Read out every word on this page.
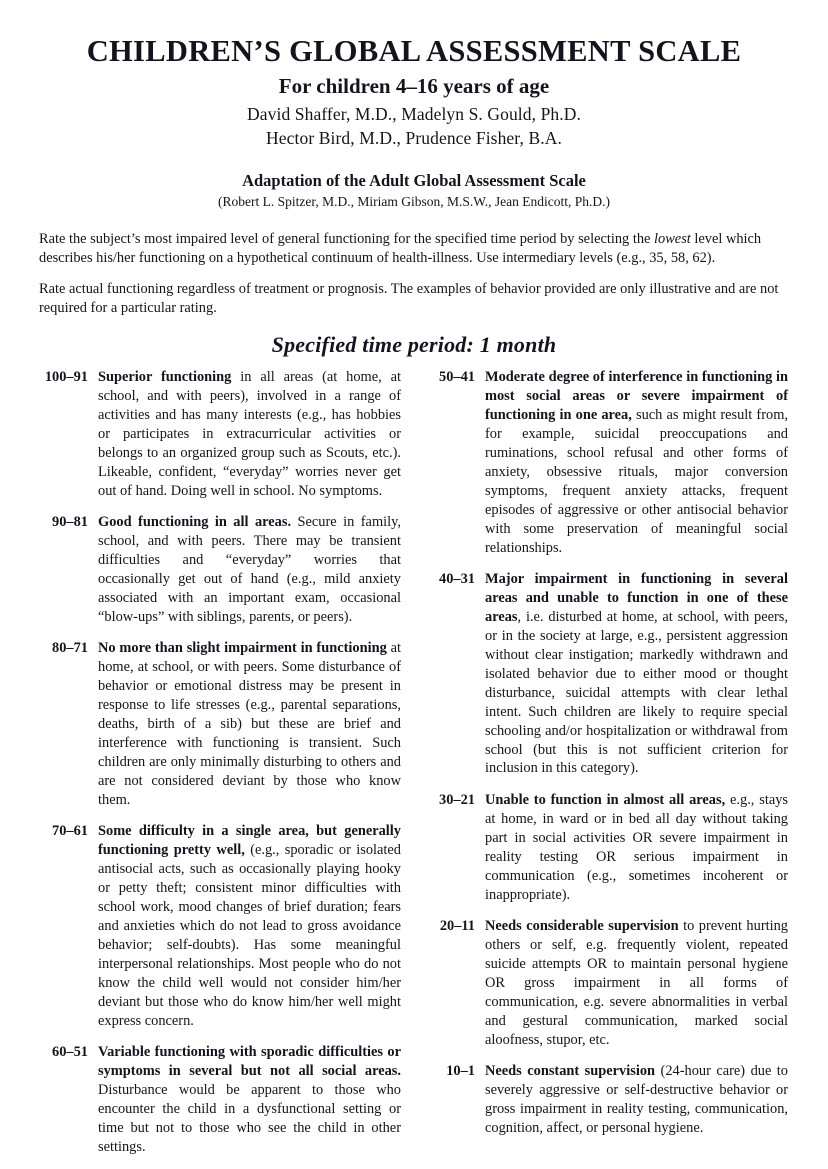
CHILDREN’S GLOBAL ASSESSMENT SCALE
For children 4–16 years of age
David Shaffer, M.D., Madelyn S. Gould, Ph.D.
Hector Bird, M.D., Prudence Fisher, B.A.
Adaptation of the Adult Global Assessment Scale
(Robert L. Spitzer, M.D., Miriam Gibson, M.S.W., Jean Endicott, Ph.D.)

Rate the subject’s most impaired level of general functioning for the specified time period by selecting the lowest level which describes his/her functioning on a hypothetical continuum of health-illness. Use intermediary levels (e.g., 35, 58, 62).

Rate actual functioning regardless of treatment or prognosis. The examples of behavior provided are only illustrative and are not required for a particular rating.

Specified time period: 1 month
100–91 Superior functioning in all areas (at home, at school, and with peers), involved in a range of activities and has many interests (e.g., has hobbies or participates in extracurricular activities or belongs to an organized group such as Scouts, etc.). Likeable, confident, “everyday” worries never get out of hand. Doing well in school. No symptoms.
90–81 Good functioning in all areas. Secure in family, school, and with peers. There may be transient difficulties and “everyday” worries that occasionally get out of hand (e.g., mild anxiety associated with an important exam, occasional “blow-ups” with siblings, parents, or peers).
80–71 No more than slight impairment in functioning at home, at school, or with peers. Some disturbance of behavior or emotional distress may be present in response to life stresses (e.g., parental separations, deaths, birth of a sib) but these are brief and interference with functioning is transient. Such children are only minimally disturbing to others and are not considered deviant by those who know them.
70–61 Some difficulty in a single area, but generally functioning pretty well, (e.g., sporadic or isolated antisocial acts, such as occasionally playing hooky or petty theft; consistent minor difficulties with school work, mood changes of brief duration; fears and anxieties which do not lead to gross avoidance behavior; self-doubts). Has some meaningful interpersonal relationships. Most people who do not know the child well would not consider him/her deviant but those who do know him/her well might express concern.
60–51 Variable functioning with sporadic difficulties or symptoms in several but not all social areas. Disturbance would be apparent to those who encounter the child in a dysfunctional setting or time but not to those who see the child in other settings.
50–41 Moderate degree of interference in functioning in most social areas or severe impairment of functioning in one area, such as might result from, for example, suicidal preoccupations and ruminations, school refusal and other forms of anxiety, obsessive rituals, major conversion symptoms, frequent anxiety attacks, frequent episodes of aggressive or other antisocial behavior with some preservation of meaningful social relationships.
40–31 Major impairment in functioning in several areas and unable to function in one of these areas, i.e. disturbed at home, at school, with peers, or in the society at large, e.g., persistent aggression without clear instigation; markedly withdrawn and isolated behavior due to either mood or thought disturbance, suicidal attempts with clear lethal intent. Such children are likely to require special schooling and/or hospitalization or withdrawal from school (but this is not sufficient criterion for inclusion in this category).
30–21 Unable to function in almost all areas, e.g., stays at home, in ward or in bed all day without taking part in social activities OR severe impairment in reality testing OR serious impairment in communication (e.g., sometimes incoherent or inappropriate).
20–11 Needs considerable supervision to prevent hurting others or self, e.g. frequently violent, repeated suicide attempts OR to maintain personal hygiene OR gross impairment in all forms of communication, e.g. severe abnormalities in verbal and gestural communication, marked social aloofness, stupor, etc.
10–1 Needs constant supervision (24-hour care) due to severely aggressive or self-destructive behavior or gross impairment in reality testing, communication, cognition, affect, or personal hygiene.
